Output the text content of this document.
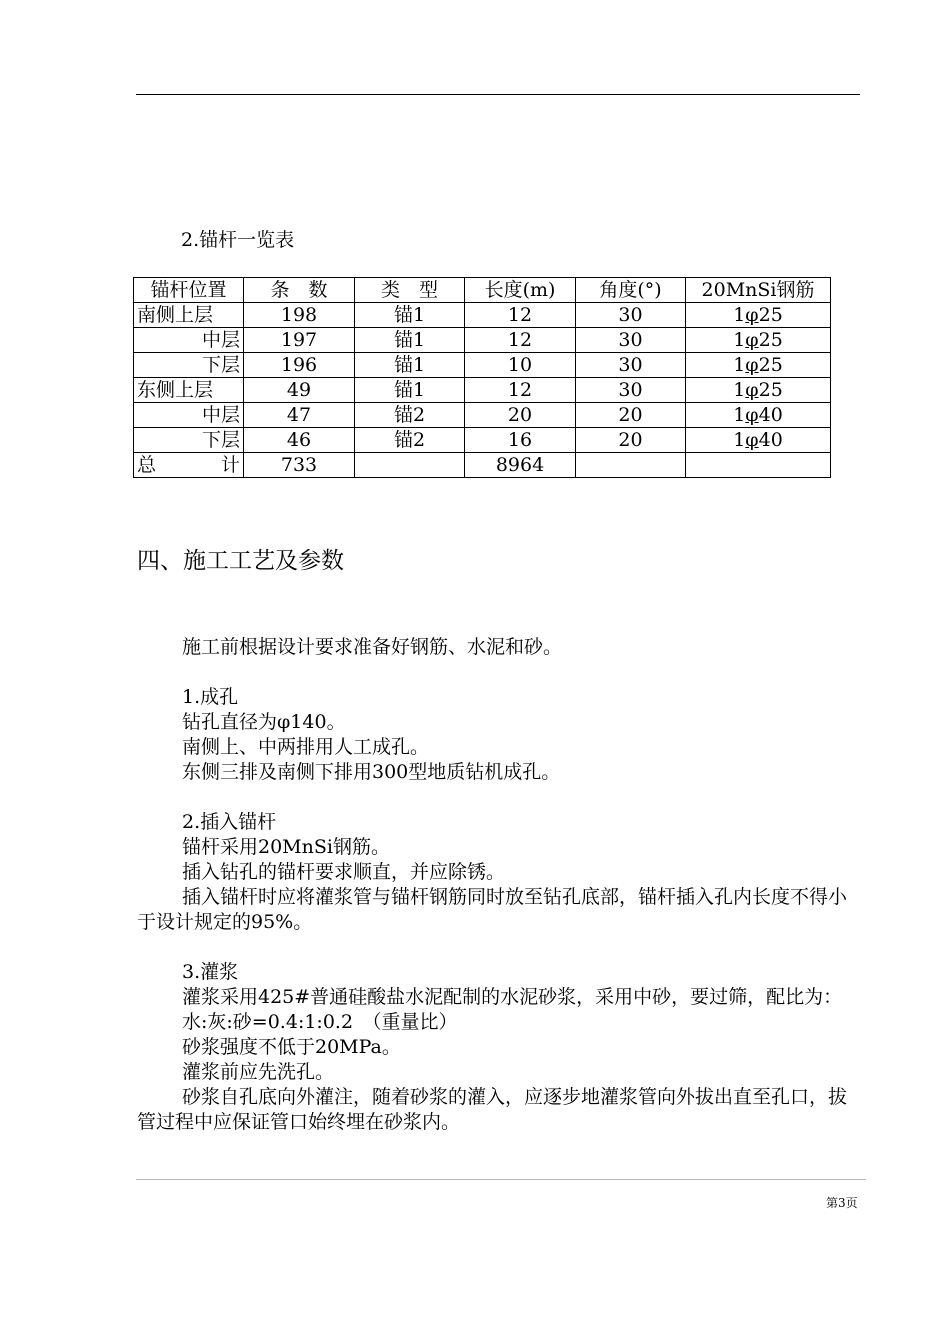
2.锚杆一览表
锚杆位置	条　数	类　型	长度(m)	角度(°)	20MnSi钢筋
南侧上层	198	锚1	12	30	1φ25
中层	197	锚1	12	30	1φ25
下层	196	锚1	10	30	1φ25
东侧上层	49	锚1	12	30	1φ25
中层	47	锚2	20	20	1φ40
下层	46	锚2	16	20	1φ40
总计	733		8964		
四、施工工艺及参数
施工前根据设计要求准备好钢筋、水泥和砂。
1.成孔
钻孔直径为φ140。
南侧上、中两排用人工成孔。
东侧三排及南侧下排用300型地质钻机成孔。
2.插入锚杆
锚杆采用20MnSi钢筋。
插入钻孔的锚杆要求顺直，并应除锈。
插入锚杆时应将灌浆管与锚杆钢筋同时放至钻孔底部，锚杆插入孔内长度不得小于设计规定的95%。
3.灌浆
灌浆采用425#普通硅酸盐水泥配制的水泥砂浆，采用中砂，要过筛，配比为：
水:灰:砂=0.4:1:0.2　（重量比）
砂浆强度不低于20MPa。
灌浆前应先洗孔。
砂浆自孔底向外灌注，随着砂浆的灌入，应逐步地灌浆管向外拔出直至孔口，拔管过程中应保证管口始终埋在砂浆内。
第3页
